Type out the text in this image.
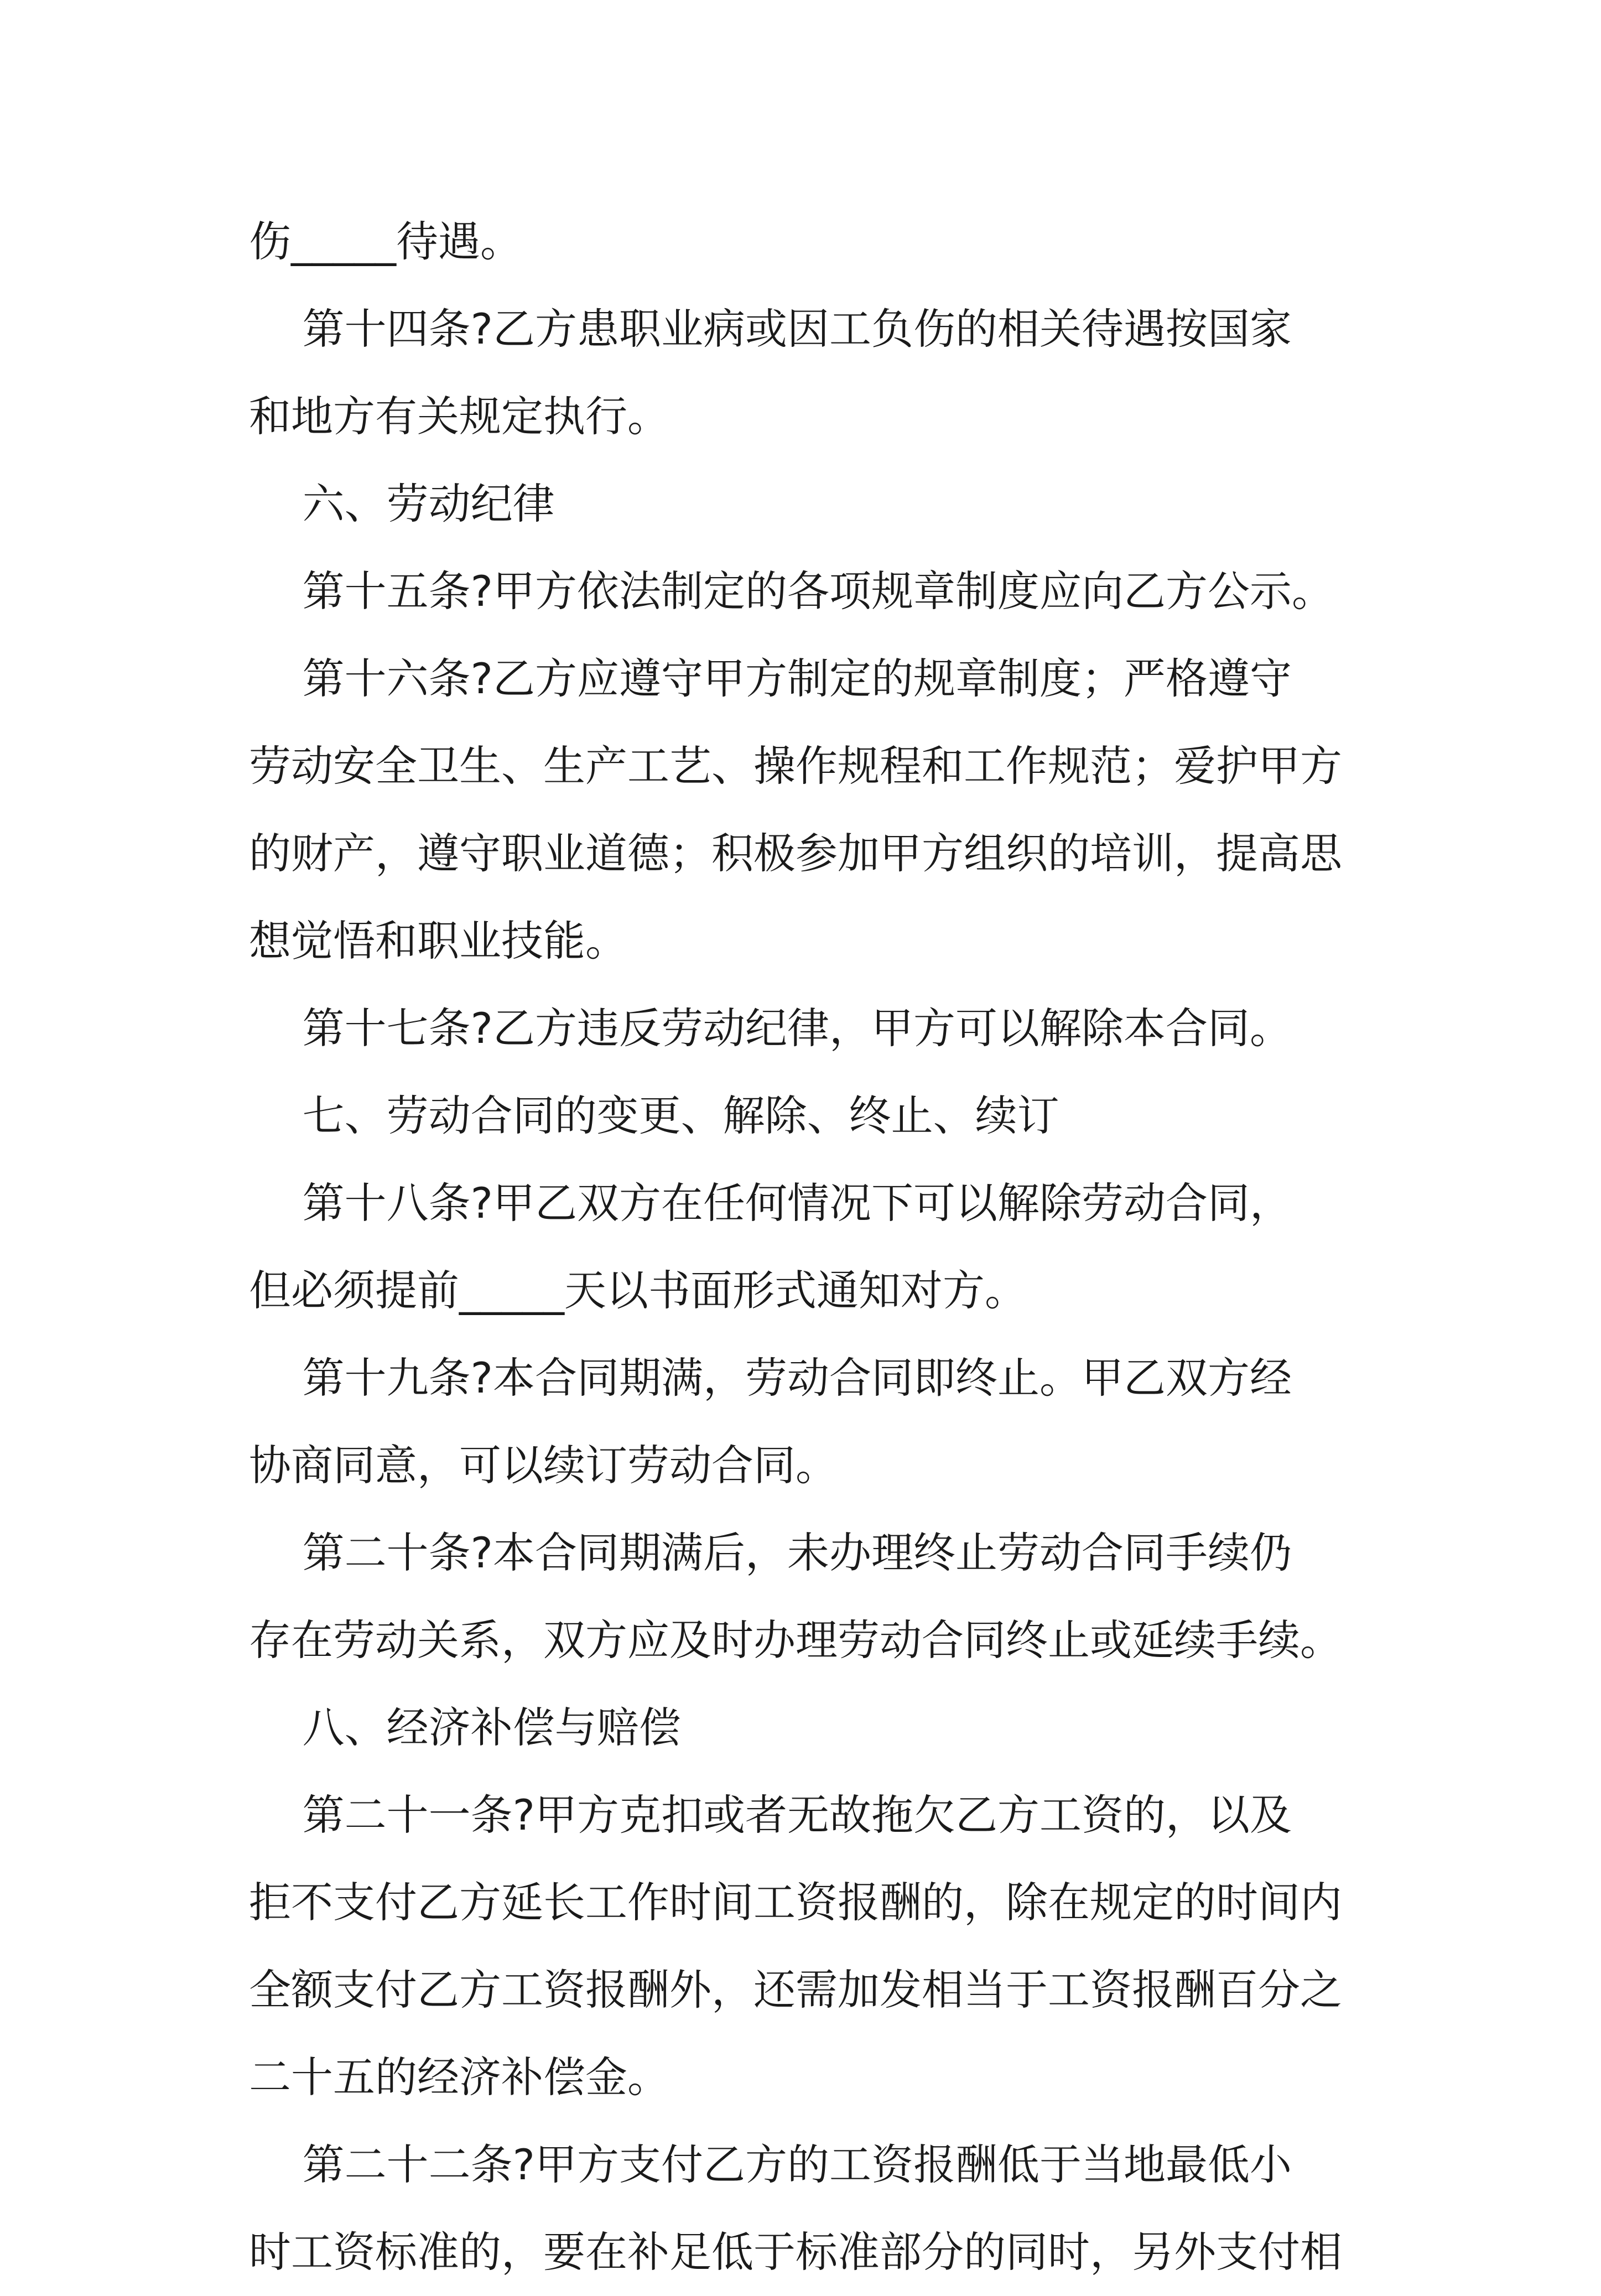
伤_____待遇。
第十四条?乙方患职业病或因工负伤的相关待遇按国家
和地方有关规定执行。
六、劳动纪律
第十五条?甲方依法制定的各项规章制度应向乙方公示。
第十六条?乙方应遵守甲方制定的规章制度；严格遵守
劳动安全卫生、生产工艺、操作规程和工作规范；爱护甲方
的财产，遵守职业道德；积极参加甲方组织的培训，提高思
想觉悟和职业技能。
第十七条?乙方违反劳动纪律，甲方可以解除本合同。
七、劳动合同的变更、解除、终止、续订
第十八条?甲乙双方在任何情况下可以解除劳动合同，
但必须提前_____天以书面形式通知对方。
第十九条?本合同期满，劳动合同即终止。甲乙双方经
协商同意，可以续订劳动合同。
第二十条?本合同期满后，未办理终止劳动合同手续仍
存在劳动关系，双方应及时办理劳动合同终止或延续手续。
八、经济补偿与赔偿
第二十一条?甲方克扣或者无故拖欠乙方工资的，以及
拒不支付乙方延长工作时间工资报酬的，除在规定的时间内
全额支付乙方工资报酬外，还需加发相当于工资报酬百分之
二十五的经济补偿金。
第二十二条?甲方支付乙方的工资报酬低于当地最低小
时工资标准的，要在补足低于标准部分的同时，另外支付相
